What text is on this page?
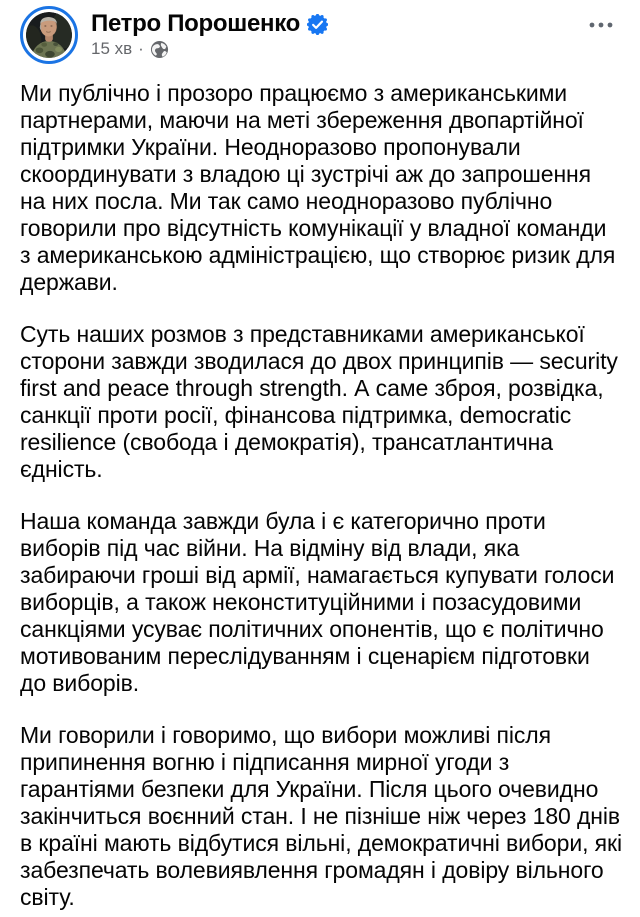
Петро Порошенко
15 хв ·

Ми публічно і прозоро працюємо з американськими партнерами, маючи на меті збереження двопартійної підтримки України. Неодноразово пропонували скоординувати з владою ці зустрічі аж до запрошення на них посла. Ми так само неодноразово публічно говорили про відсутність комунікації у владної команди з американською адміністрацією, що створює ризик для держави.

Суть наших розмов з представниками американської сторони завжди зводилася до двох принципів — security first and peace through strength. А саме зброя, розвідка, санкції проти росії, фінансова підтримка, democratic resilience (свобода і демократія), трансатлантична єдність.

Наша команда завжди була і є категорично проти виборів під час війни. На відміну від влади, яка забираючи гроші від армії, намагається купувати голоси виборців, а також неконституційними і позасудовими санкціями усуває політичних опонентів, що є політично мотивованим переслідуванням і сценарієм підготовки до виборів.

Ми говорили і говоримо, що вибори можливі після припинення вогню і підписання мирної угоди з гарантіями безпеки для України. Після цього очевидно закінчиться воєнний стан. І не пізніше ніж через 180 днів в країні мають відбутися вільні, демократичні вибори, які забезпечать волевиявлення громадян і довіру вільного світу.
